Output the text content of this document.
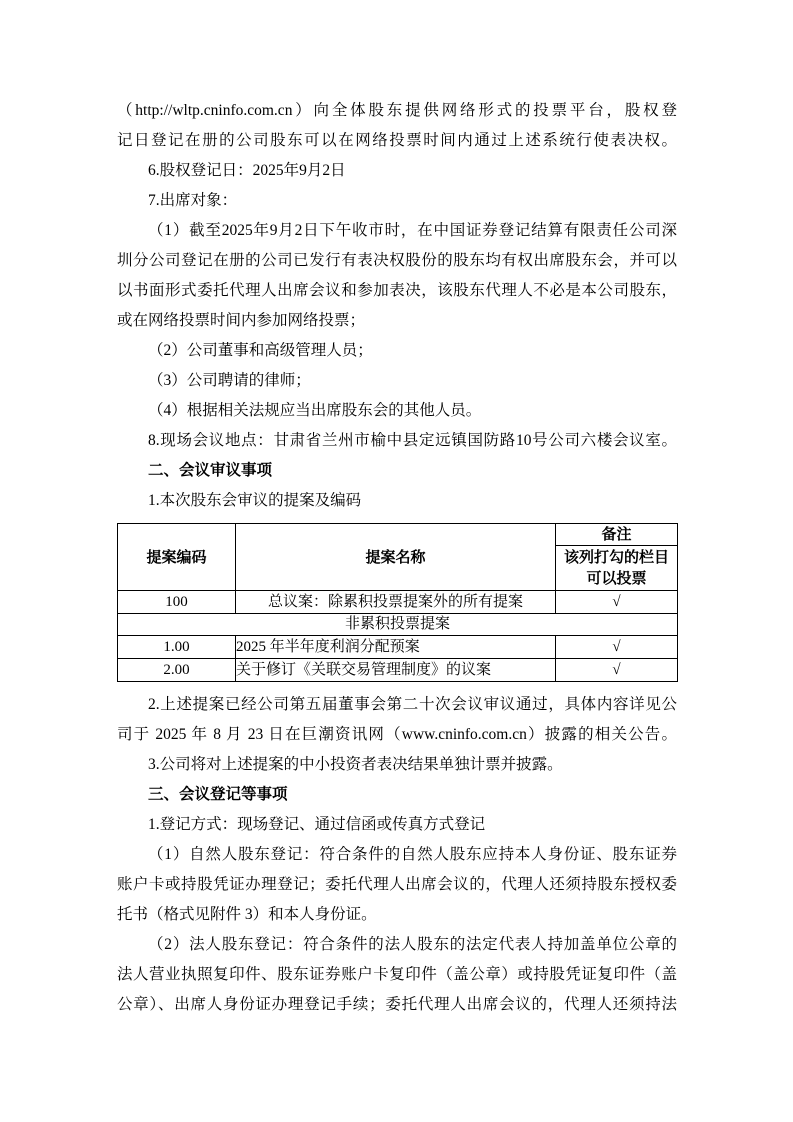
（http://wltp.cninfo.com.cn）向全体股东提供网络形式的投票平台，股权登
记日登记在册的公司股东可以在网络投票时间内通过上述系统行使表决权。
6.股权登记日：2025年9月2日
7.出席对象：
（1）截至2025年9月2日下午收市时，在中国证券登记结算有限责任公司深
圳分公司登记在册的公司已发行有表决权股份的股东均有权出席股东会，并可以
以书面形式委托代理人出席会议和参加表决，该股东代理人不必是本公司股东，
或在网络投票时间内参加网络投票；
（2）公司董事和高级管理人员；
（3）公司聘请的律师；
（4）根据相关法规应当出席股东会的其他人员。
8.现场会议地点：甘肃省兰州市榆中县定远镇国防路10号公司六楼会议室。
二、会议审议事项
1.本次股东会审议的提案及编码
提案编码	提案名称	备注

		该列打勾的栏目
可以投票

100	总议案：除累积投票提案外的所有提案	√
非累积投票提案		
1.00	2025 年半年度利润分配预案	√
2.00	关于修订《关联交易管理制度》的议案	√
2.上述提案已经公司第五届董事会第二十次会议审议通过，具体内容详见公
司于 2025 年 8 月 23 日在巨潮资讯网（www.cninfo.com.cn）披露的相关公告。
3.公司将对上述提案的中小投资者表决结果单独计票并披露。
三、会议登记等事项
1.登记方式：现场登记、通过信函或传真方式登记
（1）自然人股东登记：符合条件的自然人股东应持本人身份证、股东证券
账户卡或持股凭证办理登记；委托代理人出席会议的，代理人还须持股东授权委
托书（格式见附件 3）和本人身份证。
（2）法人股东登记：符合条件的法人股东的法定代表人持加盖单位公章的
法人营业执照复印件、股东证券账户卡复印件（盖公章）或持股凭证复印件（盖
公章）、出席人身份证办理登记手续；委托代理人出席会议的，代理人还须持法
